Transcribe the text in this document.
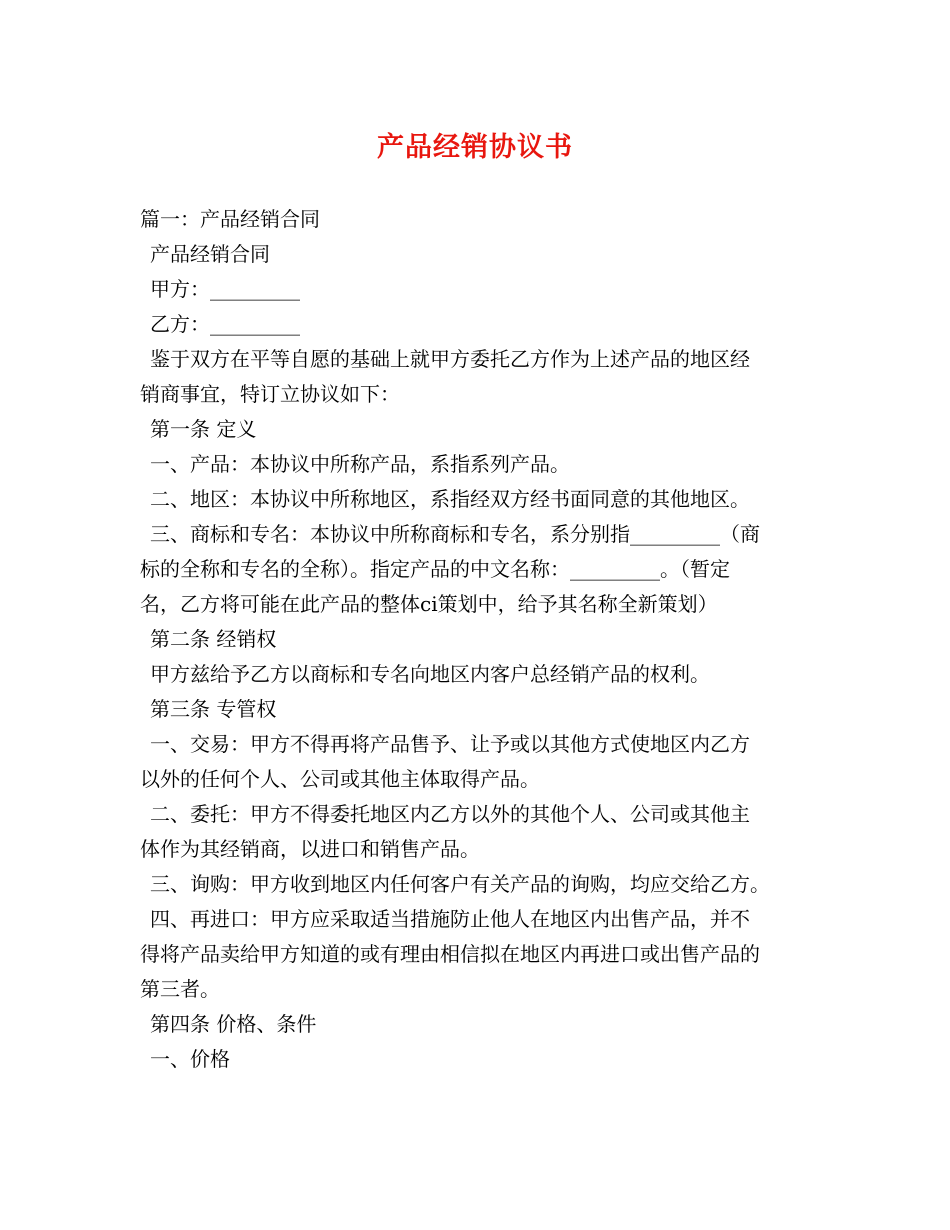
产品经销协议书

篇一：产品经销合同

产品经销合同

甲方：_________

乙方：_________

鉴于双方在平等自愿的基础上就甲方委托乙方作为上述产品的地区经

销商事宜，特订立协议如下：

第一条 定义

一、产品：本协议中所称产品，系指系列产品。

二、地区：本协议中所称地区，系指经双方经书面同意的其他地区。

三、商标和专名：本协议中所称商标和专名，系分别指_________（商

标的全称和专名的全称）。指定产品的中文名称：_________。（暂定

名，乙方将可能在此产品的整体ci策划中，给予其名称全新策划）

第二条 经销权

甲方兹给予乙方以商标和专名向地区内客户总经销产品的权利。

第三条 专管权

一、交易：甲方不得再将产品售予、让予或以其他方式使地区内乙方

以外的任何个人、公司或其他主体取得产品。

二、委托：甲方不得委托地区内乙方以外的其他个人、公司或其他主

体作为其经销商，以进口和销售产品。

三、询购：甲方收到地区内任何客户有关产品的询购，均应交给乙方。

四、再进口：甲方应采取适当措施防止他人在地区内出售产品，并不

得将产品卖给甲方知道的或有理由相信拟在地区内再进口或出售产品的

第三者。

第四条 价格、条件

一、价格
